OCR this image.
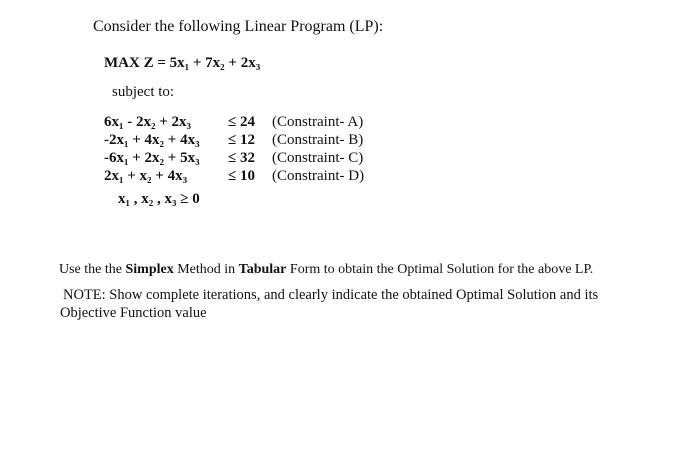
Consider the following Linear Program (LP):
MAX Z = 5x₁ + 7x₂ + 2x₃
subject to:
6x₁ - 2x₂ + 2x₃	≤ 24	(Constraint- A)
-2x₁ + 4x₂ + 4x₃	≤ 12	(Constraint- B)
-6x₁ + 2x₂ + 5x₃	≤ 32	(Constraint- C)
2x₁ + x₂ + 4x₃	≤ 10	(Constraint- D)
x₁ , x₂ , x₃ ≥ 0
Use the the Simplex Method in Tabular Form to obtain the Optimal Solution for the above LP.
NOTE: Show complete iterations, and clearly indicate the obtained Optimal Solution and its Objective Function value
